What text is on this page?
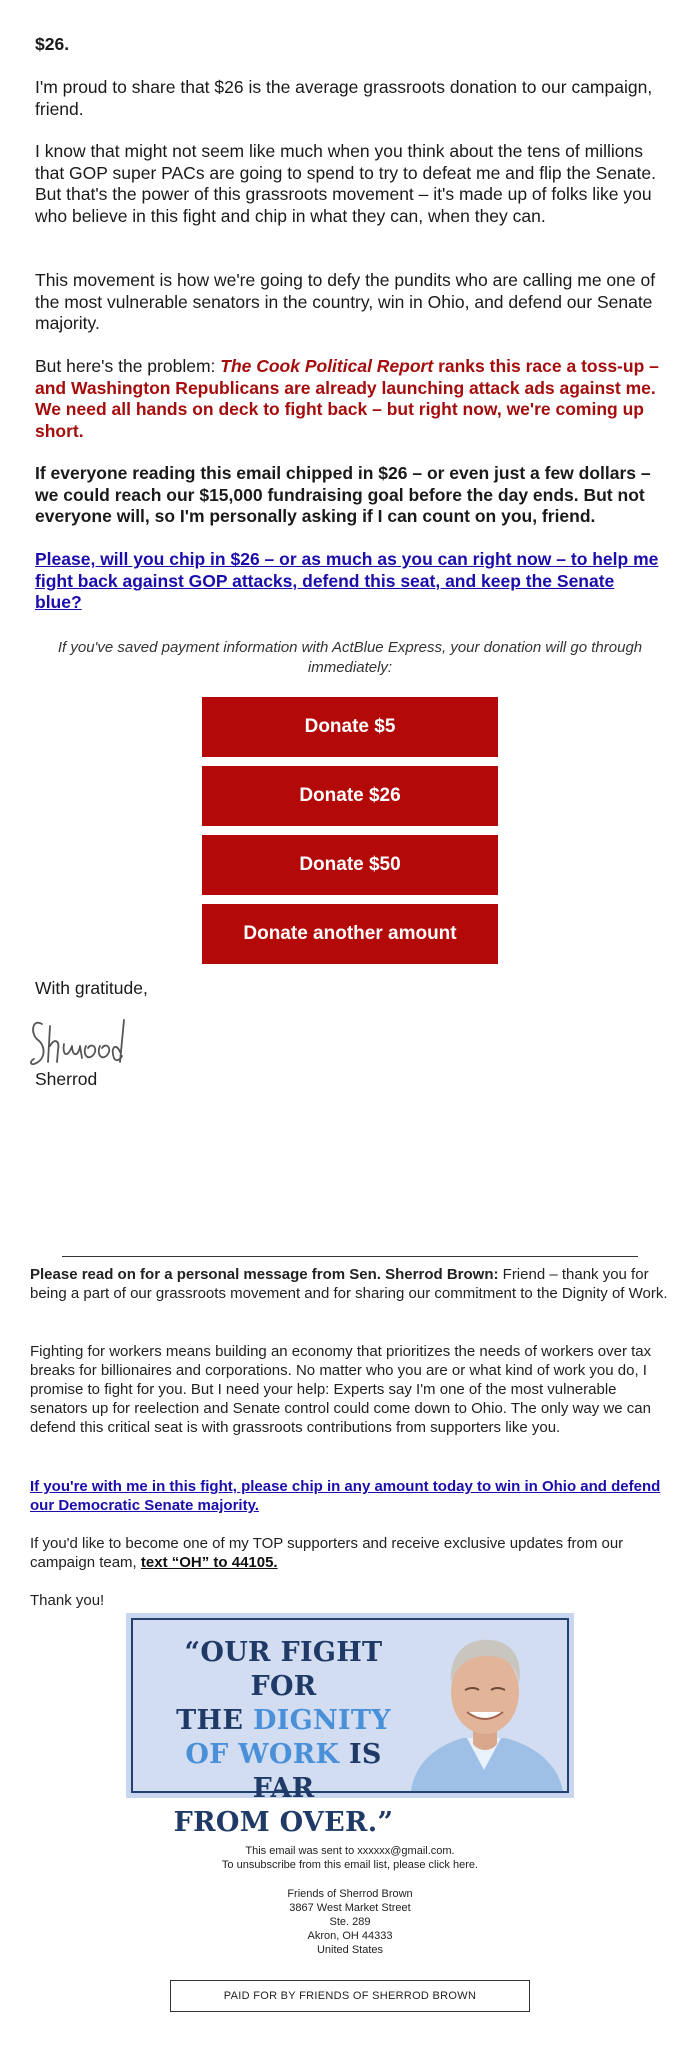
$26.

I'm proud to share that $26 is the average grassroots donation to our campaign, friend.

I know that might not seem like much when you think about the tens of millions that GOP super PACs are going to spend to try to defeat me and flip the Senate. But that's the power of this grassroots movement – it's made up of folks like you who believe in this fight and chip in what they can, when they can.

This movement is how we're going to defy the pundits who are calling me one of the most vulnerable senators in the country, win in Ohio, and defend our Senate majority.

But here's the problem: The Cook Political Report ranks this race a toss-up – and Washington Republicans are already launching attack ads against me. We need all hands on deck to fight back – but right now, we're coming up short.

If everyone reading this email chipped in $26 – or even just a few dollars – we could reach our $15,000 fundraising goal before the day ends. But not everyone will, so I'm personally asking if I can count on you, friend.

Please, will you chip in $26 – or as much as you can right now – to help me fight back against GOP attacks, defend this seat, and keep the Senate blue?
If you've saved payment information with ActBlue Express, your donation will go through immediately:
Donate $5
Donate $26
Donate $50
Donate another amount

With gratitude,

Sherrod

Please read on for a personal message from Sen. Sherrod Brown: Friend – thank you for being a part of our grassroots movement and for sharing our commitment to the Dignity of Work.

Fighting for workers means building an economy that prioritizes the needs of workers over tax breaks for billionaires and corporations. No matter who you are or what kind of work you do, I promise to fight for you. But I need your help: Experts say I'm one of the most vulnerable senators up for reelection and Senate control could come down to Ohio. The only way we can defend this critical seat is with grassroots contributions from supporters like you.

If you're with me in this fight, please chip in any amount today to win in Ohio and defend our Democratic Senate majority.

If you'd like to become one of my TOP supporters and receive exclusive updates from our campaign team, text “OH” to 44105.

Thank you!

“OUR FIGHT FOR
THE DIGNITY
OF WORK IS FAR
FROM OVER.”
This email was sent to xxxxxx@gmail.com.
To unsubscribe from this email list, please click here.
Friends of Sherrod Brown
3867 West Market Street
Ste. 289
Akron, OH 44333
United States
PAID FOR BY FRIENDS OF SHERROD BROWN
